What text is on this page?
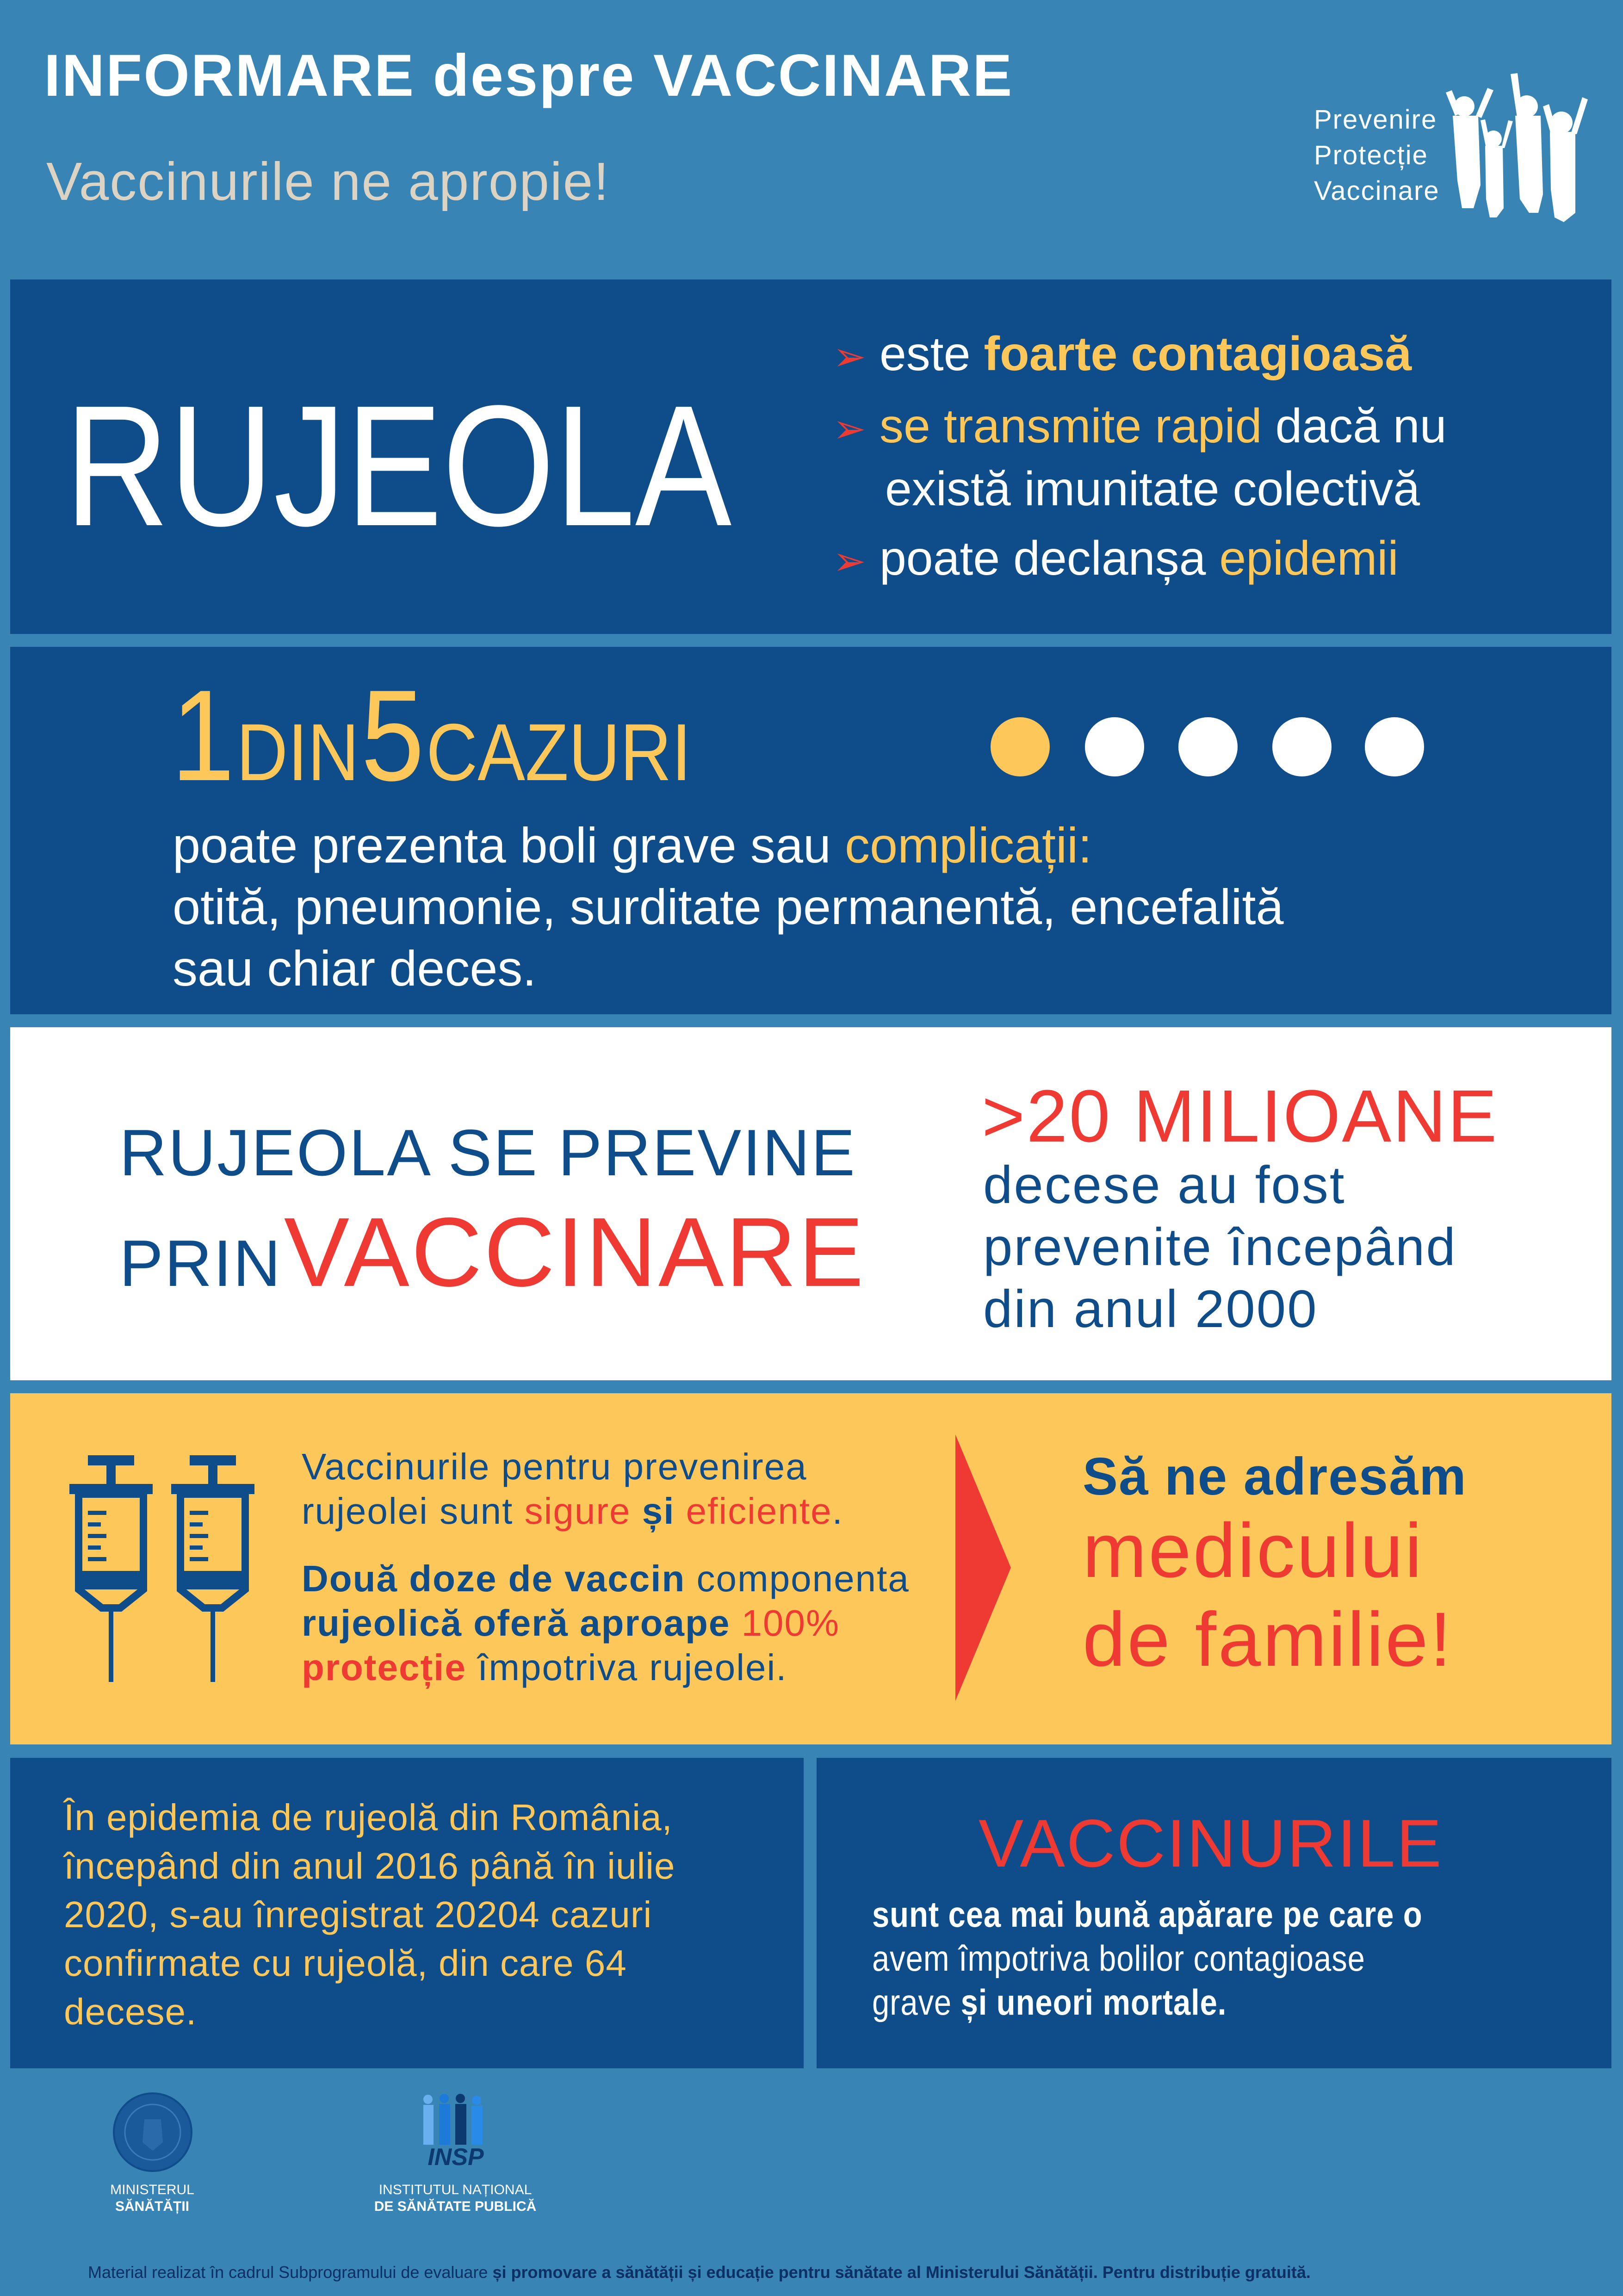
INFORMARE despre VACCINARE
Vaccinurile ne apropie!
Prevenire
Protecție
Vaccinare
RUJEOLA
➢ este foarte contagioasă
➢ se transmite rapid dacă nu
există imunitate colectivă
➢ poate declanșa epidemii
1 DIN 5 CAZURI
poate prezenta boli grave sau complicații:
otită, pneumonie, surditate permanentă, encefalită
sau chiar deces.
RUJEOLA SE PREVINE
PRIN VACCINARE
>20 MILIOANE
decese au fost
prevenite începând
din anul 2000
Vaccinurile pentru prevenirea
rujeolei sunt sigure și eficiente.
Două doze de vaccin componenta
rujeolică oferă aproape 100%
protecție împotriva rujeolei.
Să ne adresăm
medicului
de familie!
În epidemia de rujeolă din România,
începând din anul 2016 până în iulie
2020, s-au înregistrat 20204 cazuri
confirmate cu rujeolă, din care 64
decese.
VACCINURILE
sunt cea mai bună apărare pe care o
avem împotriva bolilor contagioase
grave și uneori mortale.
MINISTERUL
SĂNĂTĂȚII
INSP
INSTITUTUL NAȚIONAL
DE SĂNĂTATE PUBLICĂ
Material realizat în cadrul Subprogramului de evaluare și promovare a sănătății și educație pentru sănătate al Ministerului Sănătății. Pentru distribuție gratuită.
